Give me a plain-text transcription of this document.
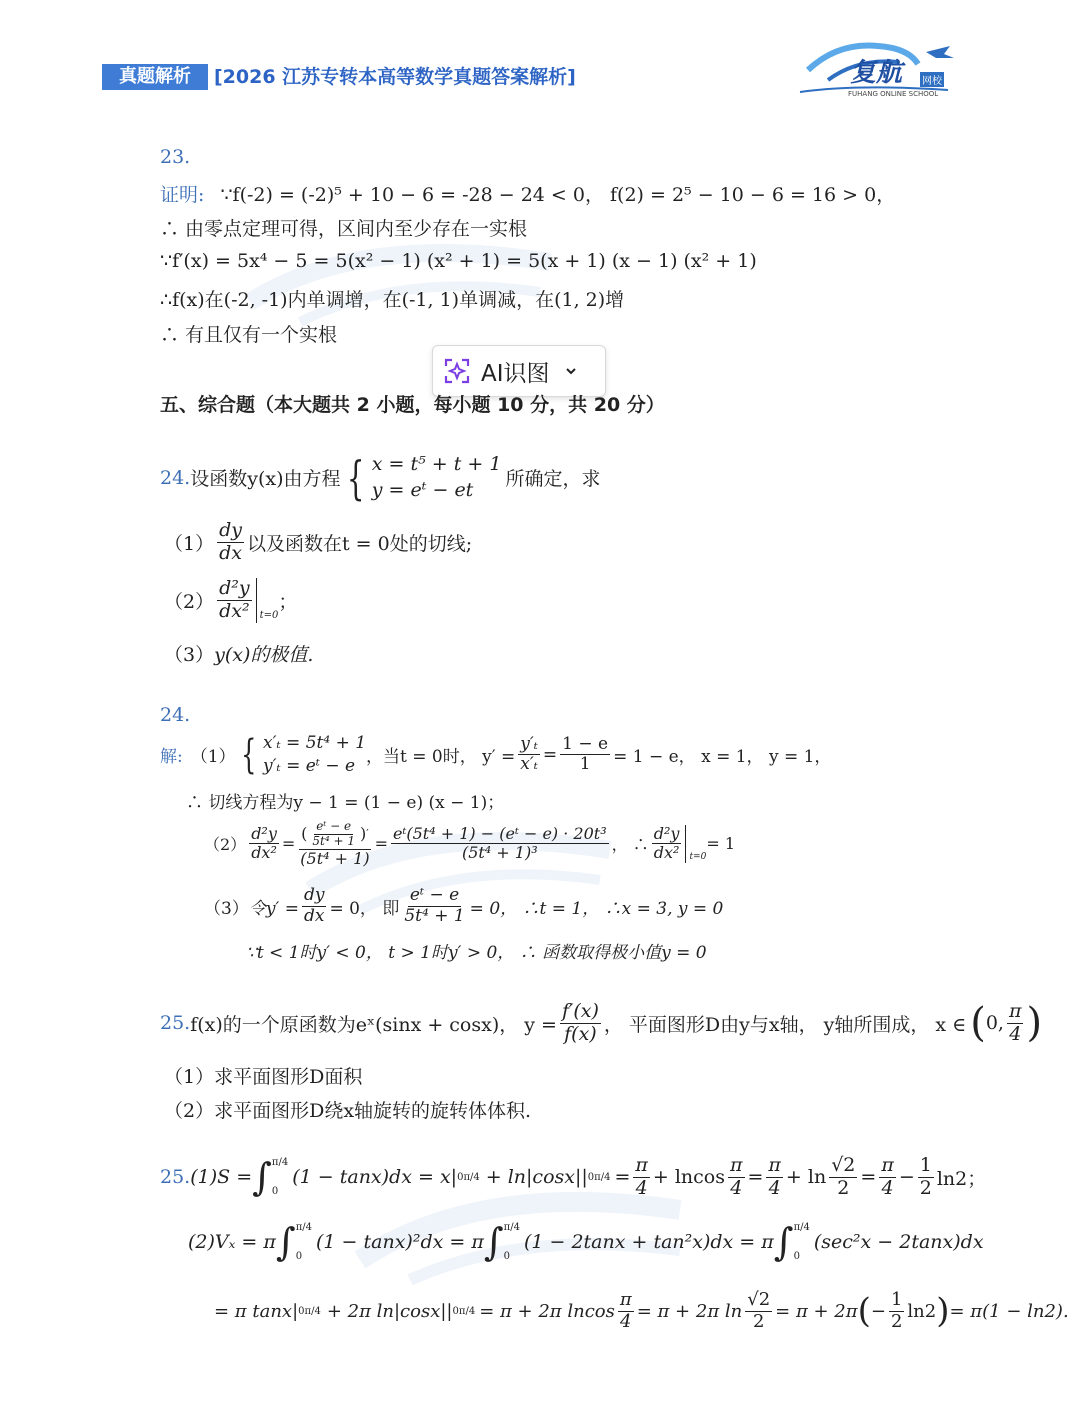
真题解析	[2026 江苏专转本高等数学真题答案解析]	复航 网校
FUHANG ONLINE SCHOOL
23.
证明: ∵f(-2) = (-2)⁵ + 10 − 6 = -28 − 24 < 0， f(2) = 2⁵ − 10 − 6 = 16 > 0，
∴ 由零点定理可得，区间内至少存在一实根
∵f′(x) = 5x⁴ − 5 = 5(x² − 1) (x² + 1) = 5(x + 1) (x − 1) (x² + 1)
∴f(x)在(-2, -1)内单调增，在(-1, 1)单调减，在(1, 2)增
∴ 有且仅有一个实根
AI识图
五、综合题（本大题共 2 小题，每小题 10 分，共 20 分）
24. 设函数y(x)由方程 { x = t⁵ + t + 1
y = eᵗ − et	所确定，求
$(1) \frac{dy}{dx}$ 以及函数在t = 0处的切线;
$(2) \frac{\text{d²y}}{\text{dx²}} t=0$
；
（3）y(x)的极值.
24.
解: （1） { x′ₜ = 5t⁴ + 1
y′ₜ = eᵗ − e ，当t = 0时， $y' = \frac{\text{y′ₜ}}{\text{x′ₜ}} = \frac{1 - e}{1} = 1 - e$， x = 1， y = 1，
∴ 切线方程为y − 1 = (1 − e) (x − 1)；
$(2) \frac{\text{d²y}}{\text{dx²}} = \frac{( \frac{\text{eᵗ − e}}{\text{5t⁴ + 1}} ) '}{\text{(5t⁴ + 1)}} = \frac{\text{eᵗ(5t⁴ + 1) − (eᵗ − e) · 20t³}}{\text{(5t⁴ + 1)³}}$ ， ∴ $\frac{\text{d²y}}{\text{dx²}} t=0$
= 1
（3） 令$y' = \frac{dy}{dx} = 0$， 即 $\frac{\text{eᵗ − e}}{\text{5t⁴ + 1}} = 0$， ∴t = 1， ∴x = 3, y = 0
∵t < 1时y′ < 0， t > 1时y′ > 0， ∴ 函数取得极小值y = 0
25. f(x)的一个原函数为eˣ(sinx + cosx)， $y = \frac{f'(x)}{f(x)}$ ， 平面图形D由y与x轴， y轴所围成， x ∈ ( 0, $\frac{\pi}{4}$ )
（1）求平面图形D面积
（2）求平面图形D绕x轴旋转的旋转体体积.
25. (1)S = ∫ π/4
0
(1 − tanx)dx = x| 0 π/4 + ln|cosx|| 0 $\pi/4 = \frac{\pi}{4} + lncos \frac{\pi}{4} = \frac{\pi}{4} + \ln \frac{√2}{2} = \frac{\pi}{4} - \frac{1}{2} \ln 2$；
(2)Vₓ = π ∫ π/4
0
(1 − tanx)²dx = π ∫ π/4
0
(1 − 2tanx + tan²x)dx = π ∫ π/4
0
(sec²x − 2tanx)dx
= π tanx| 0 π/4 + 2π ln|cosx|| 0 π/4 = π + 2π lncos $\frac{\pi}{4} = \pi + 2\pi$ $\ln \frac{√2}{2} = \pi + 2\pi$ ( − $\frac{1}{2} \ln 2$ ) = π(1 − ln2).
